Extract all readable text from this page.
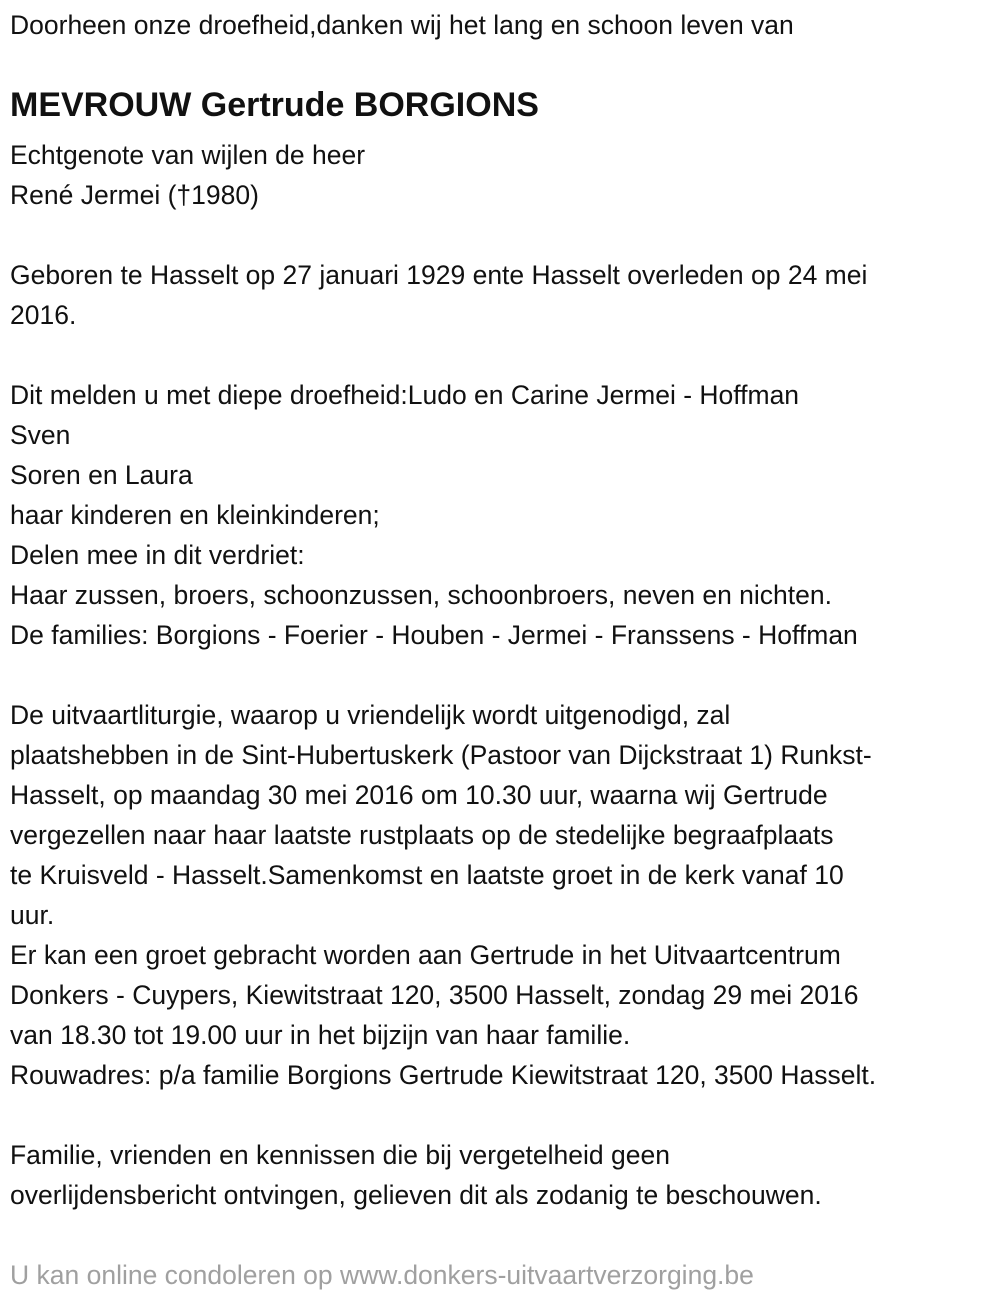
Doorheen onze droefheid,danken wij het lang en schoon leven van
MEVROUW Gertrude BORGIONS
Echtgenote van wijlen de heer
René Jermei (†1980)
Geboren te Hasselt op 27 januari 1929 ente Hasselt overleden op 24 mei
2016.
Dit melden u met diepe droefheid:Ludo en Carine Jermei - Hoffman
Sven
Soren en Laura
haar kinderen en kleinkinderen;
Delen mee in dit verdriet:
Haar zussen, broers, schoonzussen, schoonbroers, neven en nichten.
De families: Borgions - Foerier - Houben - Jermei - Franssens - Hoffman
De uitvaartliturgie, waarop u vriendelijk wordt uitgenodigd, zal
plaatshebben in de Sint-Hubertuskerk (Pastoor van Dijckstraat 1) Runkst-
Hasselt, op maandag 30 mei 2016 om 10.30 uur, waarna wij Gertrude
vergezellen naar haar laatste rustplaats op de stedelijke begraafplaats
te Kruisveld - Hasselt.Samenkomst en laatste groet in de kerk vanaf 10
uur.
Er kan een groet gebracht worden aan Gertrude in het Uitvaartcentrum
Donkers - Cuypers, Kiewitstraat 120, 3500 Hasselt, zondag 29 mei 2016
van 18.30 tot 19.00 uur in het bijzijn van haar familie.
Rouwadres: p/a familie Borgions Gertrude Kiewitstraat 120, 3500 Hasselt.
Familie, vrienden en kennissen die bij vergetelheid geen
overlijdensbericht ontvingen, gelieven dit als zodanig te beschouwen.
U kan online condoleren op www.donkers-uitvaartverzorging.be
